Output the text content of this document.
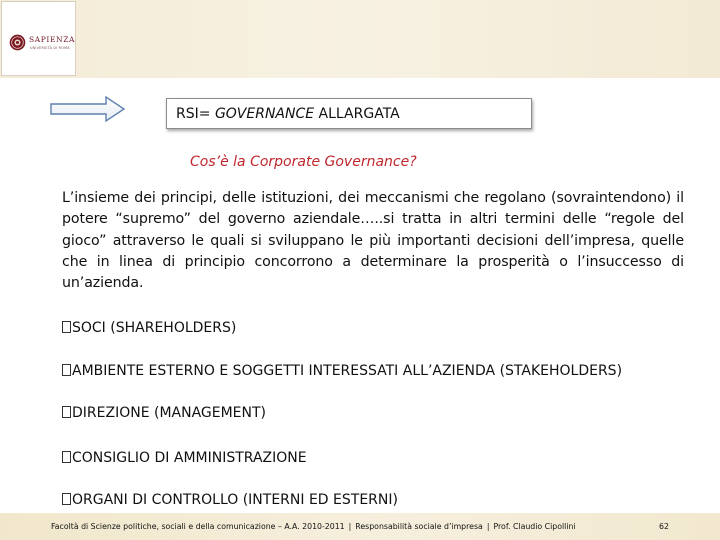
SAPIENZA
UNIVERSITÀ DI ROMA
RSI= GOVERNANCE ALLARGATA
Cos’è la Corporate Governance?
L’insieme dei principi, delle istituzioni, dei meccanismi che regolano (sovraintendono) il potere “supremo” del governo aziendale…..si tratta in altri termini delle “regole del gioco” attraverso le quali si sviluppano le più importanti decisioni dell’impresa, quelle che in linea di principio concorrono a determinare la prosperità o l’insuccesso di un’azienda.
SOCI (SHAREHOLDERS)
AMBIENTE ESTERNO E SOGGETTI INTERESSATI ALL’AZIENDA (STAKEHOLDERS)
DIREZIONE (MANAGEMENT)
CONSIGLIO DI AMMINISTRAZIONE
ORGANI DI CONTROLLO (INTERNI ED ESTERNI)
Facoltà di Scienze politiche, sociali e della comunicazione – A.A. 2010-2011 | Responsabilità sociale d’impresa | Prof. Claudio Cipollini	62
